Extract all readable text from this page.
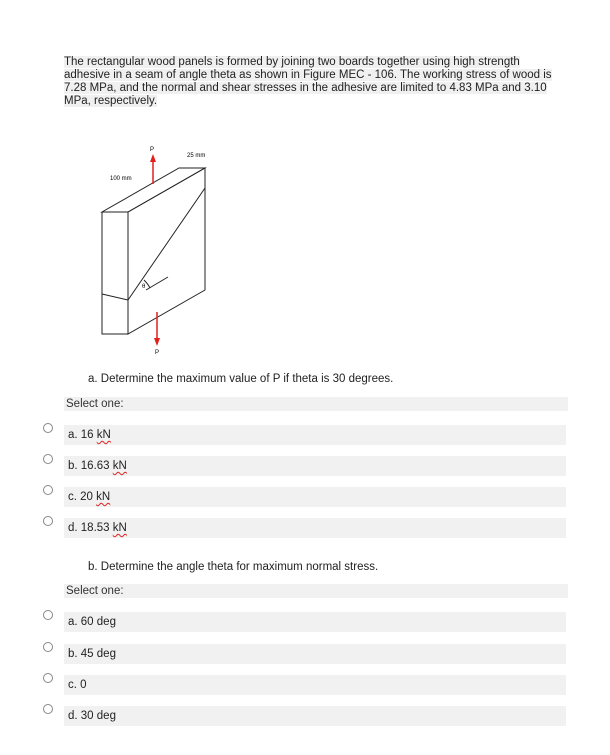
The rectangular wood panels is formed by joining two boards together using high strength adhesive in a seam of angle theta as shown in Figure MEC - 106. The working stress of wood is 7.28 MPa, and the normal and shear stresses in the adhesive are limited to 4.83 MPa and 3.10 MPa, respectively.
P
P
100 mm
25 mm
θ
a. Determine the maximum value of P if theta is 30 degrees.
Select one:
a. 16 kN
b. 16.63 kN
c. 20 kN
d. 18.53 kN
b. Determine the angle theta for maximum normal stress.
Select one:
a. 60 deg
b. 45 deg
c. 0
d. 30 deg
